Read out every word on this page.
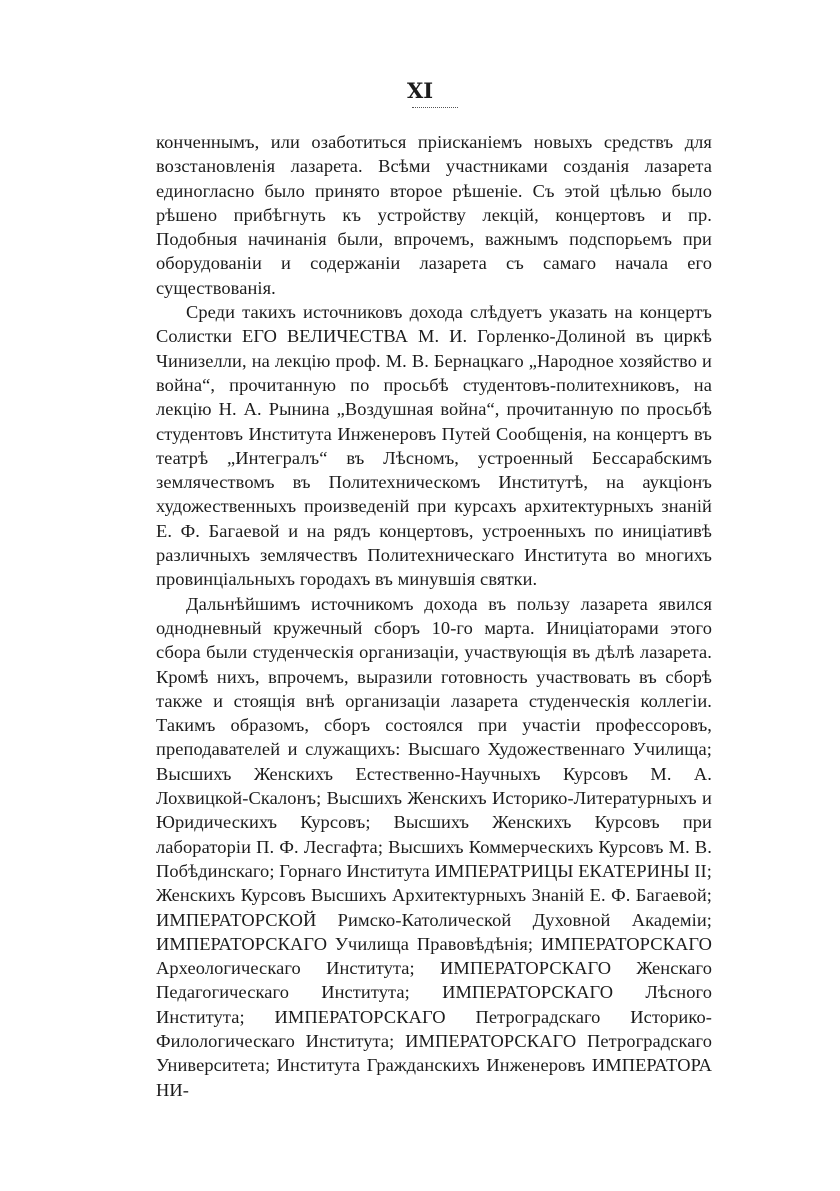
XI

конченнымъ, или озаботиться пріисканіемъ новыхъ средствъ для возстановленія лазарета. Всѣми участниками созданія лазарета единогласно было принято второе рѣшеніе. Съ этой цѣлью было рѣшено прибѣгнуть къ устройству лекцій, концертовъ и пр. Подобныя начинанія были, впрочемъ, важнымъ подспорьемъ при оборудованіи и содержаніи лазарета съ самаго начала его существованія.

Среди такихъ источниковъ дохода слѣдуетъ указать на концертъ Солистки ЕГО ВЕЛИЧЕСТВА М. И. Горленко-Долиной въ циркѣ Чинизелли, на лекцію проф. М. В. Бернацкаго „Народное хозяйство и война“, прочитанную по просьбѣ студентовъ-политехниковъ, на лекцію Н. А. Рынина „Воздушная война“, прочитанную по просьбѣ студентовъ Института Инженеровъ Путей Сообщенія, на концертъ въ театрѣ „Интегралъ“ въ Лѣсномъ, устроенный Бессарабскимъ землячествомъ въ Политехническомъ Институтѣ, на аукціонъ художественныхъ произведеній при курсахъ архитектурныхъ знаній Е. Ф. Багаевой и на рядъ концертовъ, устроенныхъ по иниціативѣ различныхъ землячествъ Политехническаго Института во многихъ провинціальныхъ городахъ въ минувшія святки.

Дальнѣйшимъ источникомъ дохода въ пользу лазарета явился однодневный кружечный сборъ 10-го марта. Иниціаторами этого сбора были студенческія организаціи, участвующія въ дѣлѣ лазарета. Кромѣ нихъ, впрочемъ, выразили готовность участвовать въ сборѣ также и стоящія внѣ организаціи лазарета студенческія коллегіи. Такимъ образомъ, сборъ состоялся при участіи профессоровъ, преподавателей и служащихъ: Высшаго Художественнаго Училища; Высшихъ Женскихъ Естественно-Научныхъ Курсовъ М. А. Лохвицкой-Скалонъ; Высшихъ Женскихъ Историко-Литературныхъ и Юридическихъ Курсовъ; Высшихъ Женскихъ Курсовъ при лабораторіи П. Ф. Лесгафта; Высшихъ Коммерческихъ Курсовъ М. В. Побѣдинскаго; Горнаго Института ИМПЕРАТРИЦЫ ЕКАТЕРИНЫ II; Женскихъ Курсовъ Высшихъ Архитектурныхъ Знаній Е. Ф. Багаевой; ИМПЕРАТОРСКОЙ Римско-Католической Духовной Академіи; ИМПЕРАТОРСКАГО Училища Правовѣдѣнія; ИМПЕРАТОРСКАГО Археологическаго Института; ИМПЕРАТОРСКАГО Женскаго Педагогическаго Института; ИМПЕРАТОРСКАГО Лѣсного Института; ИМПЕРАТОРСКАГО Петроградскаго Историко-Филологическаго Института; ИМПЕРАТОРСКАГО Петроградскаго Университета; Института Гражданскихъ Инженеровъ ИМПЕРАТОРА НИ-
